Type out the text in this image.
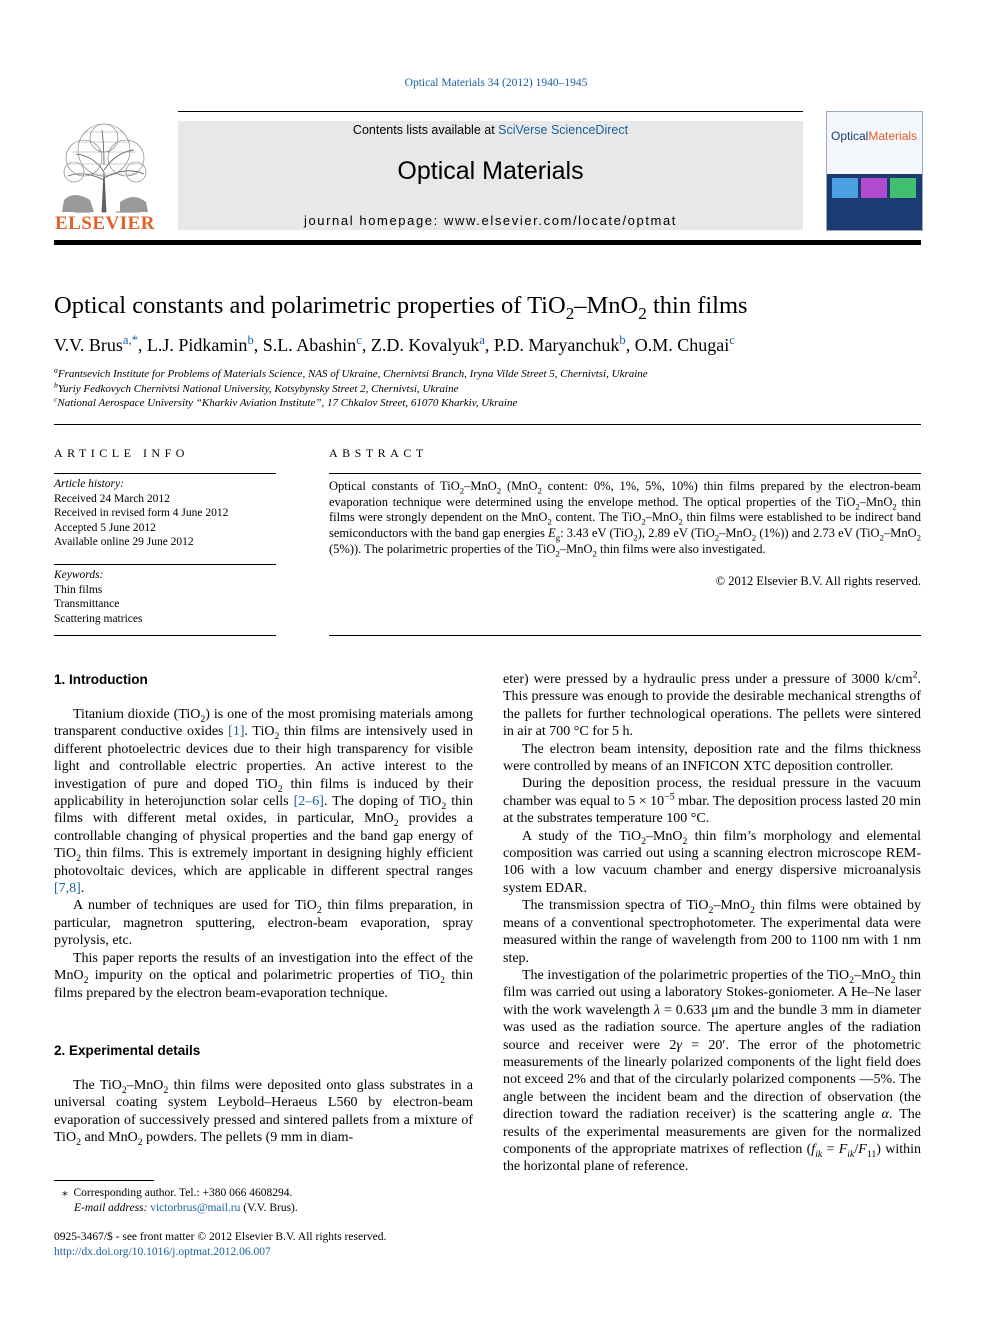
Optical Materials 34 (2012) 1940–1945
ELSEVIER
Contents lists available at SciVerse ScienceDirect
Optical Materials
journal homepage: www.elsevier.com/locate/optmat
OpticalMaterials
Optical constants and polarimetric properties of TiO$_2$–MnO$_2$ thin films
V.V. Brus$^{a,*}$, L.J. Pidkamin$^b$, S.L. Abashin$^c$, Z.D. Kovalyuk$^a$, P.D. Maryanchuk$^b$, O.M. Chugai$^c$
$^a$Frantsevich Institute for Problems of Materials Science, NAS of Ukraine, Chernivtsi Branch, Iryna Vilde Street 5, Chernivtsi, Ukraine
$^b$Yuriy Fedkovych Chernivtsi National University, Kotsybynsky Street 2, Chernivtsi, Ukraine
$^c$National Aerospace University “Kharkiv Aviation Institute”, 17 Chkalov Street, 61070 Kharkiv, Ukraine
ARTICLE INFO
Article history:
Received 24 March 2012
Received in revised form 4 June 2012
Accepted 5 June 2012
Available online 29 June 2012
Keywords:
Thin films
Transmittance
Scattering matrices
ABSTRACT
Optical constants of TiO$_2$–MnO$_2$ (MnO$_2$ content: 0%, 1%, 5%, 10%) thin films prepared by the electron-beam evaporation technique were determined using the envelope method. The optical properties of the TiO$_2$–MnO$_2$ thin films were strongly dependent on the MnO$_2$ content. The TiO$_2$–MnO$_2$ thin films were established to be indirect band semiconductors with the band gap energies $E_g$: 3.43 eV (TiO$_2$), 2.89 eV (TiO$_2$–MnO$_2$ (1%)) and 2.73 eV (TiO$_2$–MnO$_2$ (5%)). The polarimetric properties of the TiO$_2$–MnO$_2$ thin films were also investigated.
© 2012 Elsevier B.V. All rights reserved.
1. Introduction

Titanium dioxide (TiO$_2$) is one of the most promising materials among transparent conductive oxides [1]. TiO$_2$ thin films are intensively used in different photoelectric devices due to their high transparency for visible light and controllable electric properties. An active interest to the investigation of pure and doped TiO$_2$ thin films is induced by their applicability in heterojunction solar cells [2–6]. The doping of TiO$_2$ thin films with different metal oxides, in particular, MnO$_2$ provides a controllable changing of physical properties and the band gap energy of TiO$_2$ thin films. This is extremely important in designing highly efficient photovoltaic devices, which are applicable in different spectral ranges [7,8].

A number of techniques are used for TiO$_2$ thin films preparation, in particular, magnetron sputtering, electron-beam evaporation, spray pyrolysis, etc.

This paper reports the results of an investigation into the effect of the MnO$_2$ impurity on the optical and polarimetric properties of TiO$_2$ thin films prepared by the electron beam-evaporation technique.

2. Experimental details

The TiO$_2$–MnO$_2$ thin films were deposited onto glass substrates in a universal coating system Leybold–Heraeus L560 by electron-beam evaporation of successively pressed and sintered pallets from a mixture of TiO$_2$ and MnO$_2$ powders. The pellets (9 mm in diam-

⁎  Corresponding author. Tel.: +380 066 4608294.
E-mail address: victorbrus@mail.ru (V.V. Brus).
0925-3467/$ - see front matter © 2012 Elsevier B.V. All rights reserved.
http://dx.doi.org/10.1016/j.optmat.2012.06.007

eter) were pressed by a hydraulic press under a pressure of 3000 $k/cm^2$. This pressure was enough to provide the desirable mechanical strengths of the pallets for further technological operations. The pellets were sintered in air at 700 °C for 5 h.

The electron beam intensity, deposition rate and the films thickness were controlled by means of an INFICON XTC deposition controller.

During the deposition process, the residual pressure in the vacuum chamber was equal to $5 \times 10^{-5}$ mbar. The deposition process lasted 20 min at the substrates temperature 100 °C.

A study of the TiO$_2$–MnO$_2$ thin film’s morphology and elemental composition was carried out using a scanning electron microscope REM-106 with a low vacuum chamber and energy dispersive microanalysis system EDAR.

The transmission spectra of TiO$_2$–MnO$_2$ thin films were obtained by means of a conventional spectrophotometer. The experimental data were measured within the range of wavelength from 200 to 1100 nm with 1 nm step.

The investigation of the polarimetric properties of the TiO$_2$–MnO$_2$ thin film was carried out using a laboratory Stokes-goniometer. A He–Ne laser with the work wavelength λ = 0.633 μm and the bundle 3 mm in diameter was used as the radiation source. The aperture angles of the radiation source and receiver were 2γ = 20′. The error of the photometric measurements of the linearly polarized components of the light field does not exceed 2% and that of the circularly polarized components —5%. The angle between the incident beam and the direction of observation (the direction toward the radiation receiver) is the scattering angle α. The results of the experimental measurements are given for the normalized components of the appropriate matrixes of reflection $(f_{ik} = F_{ik}/F_{11})$ within the horizontal plane of reference.
